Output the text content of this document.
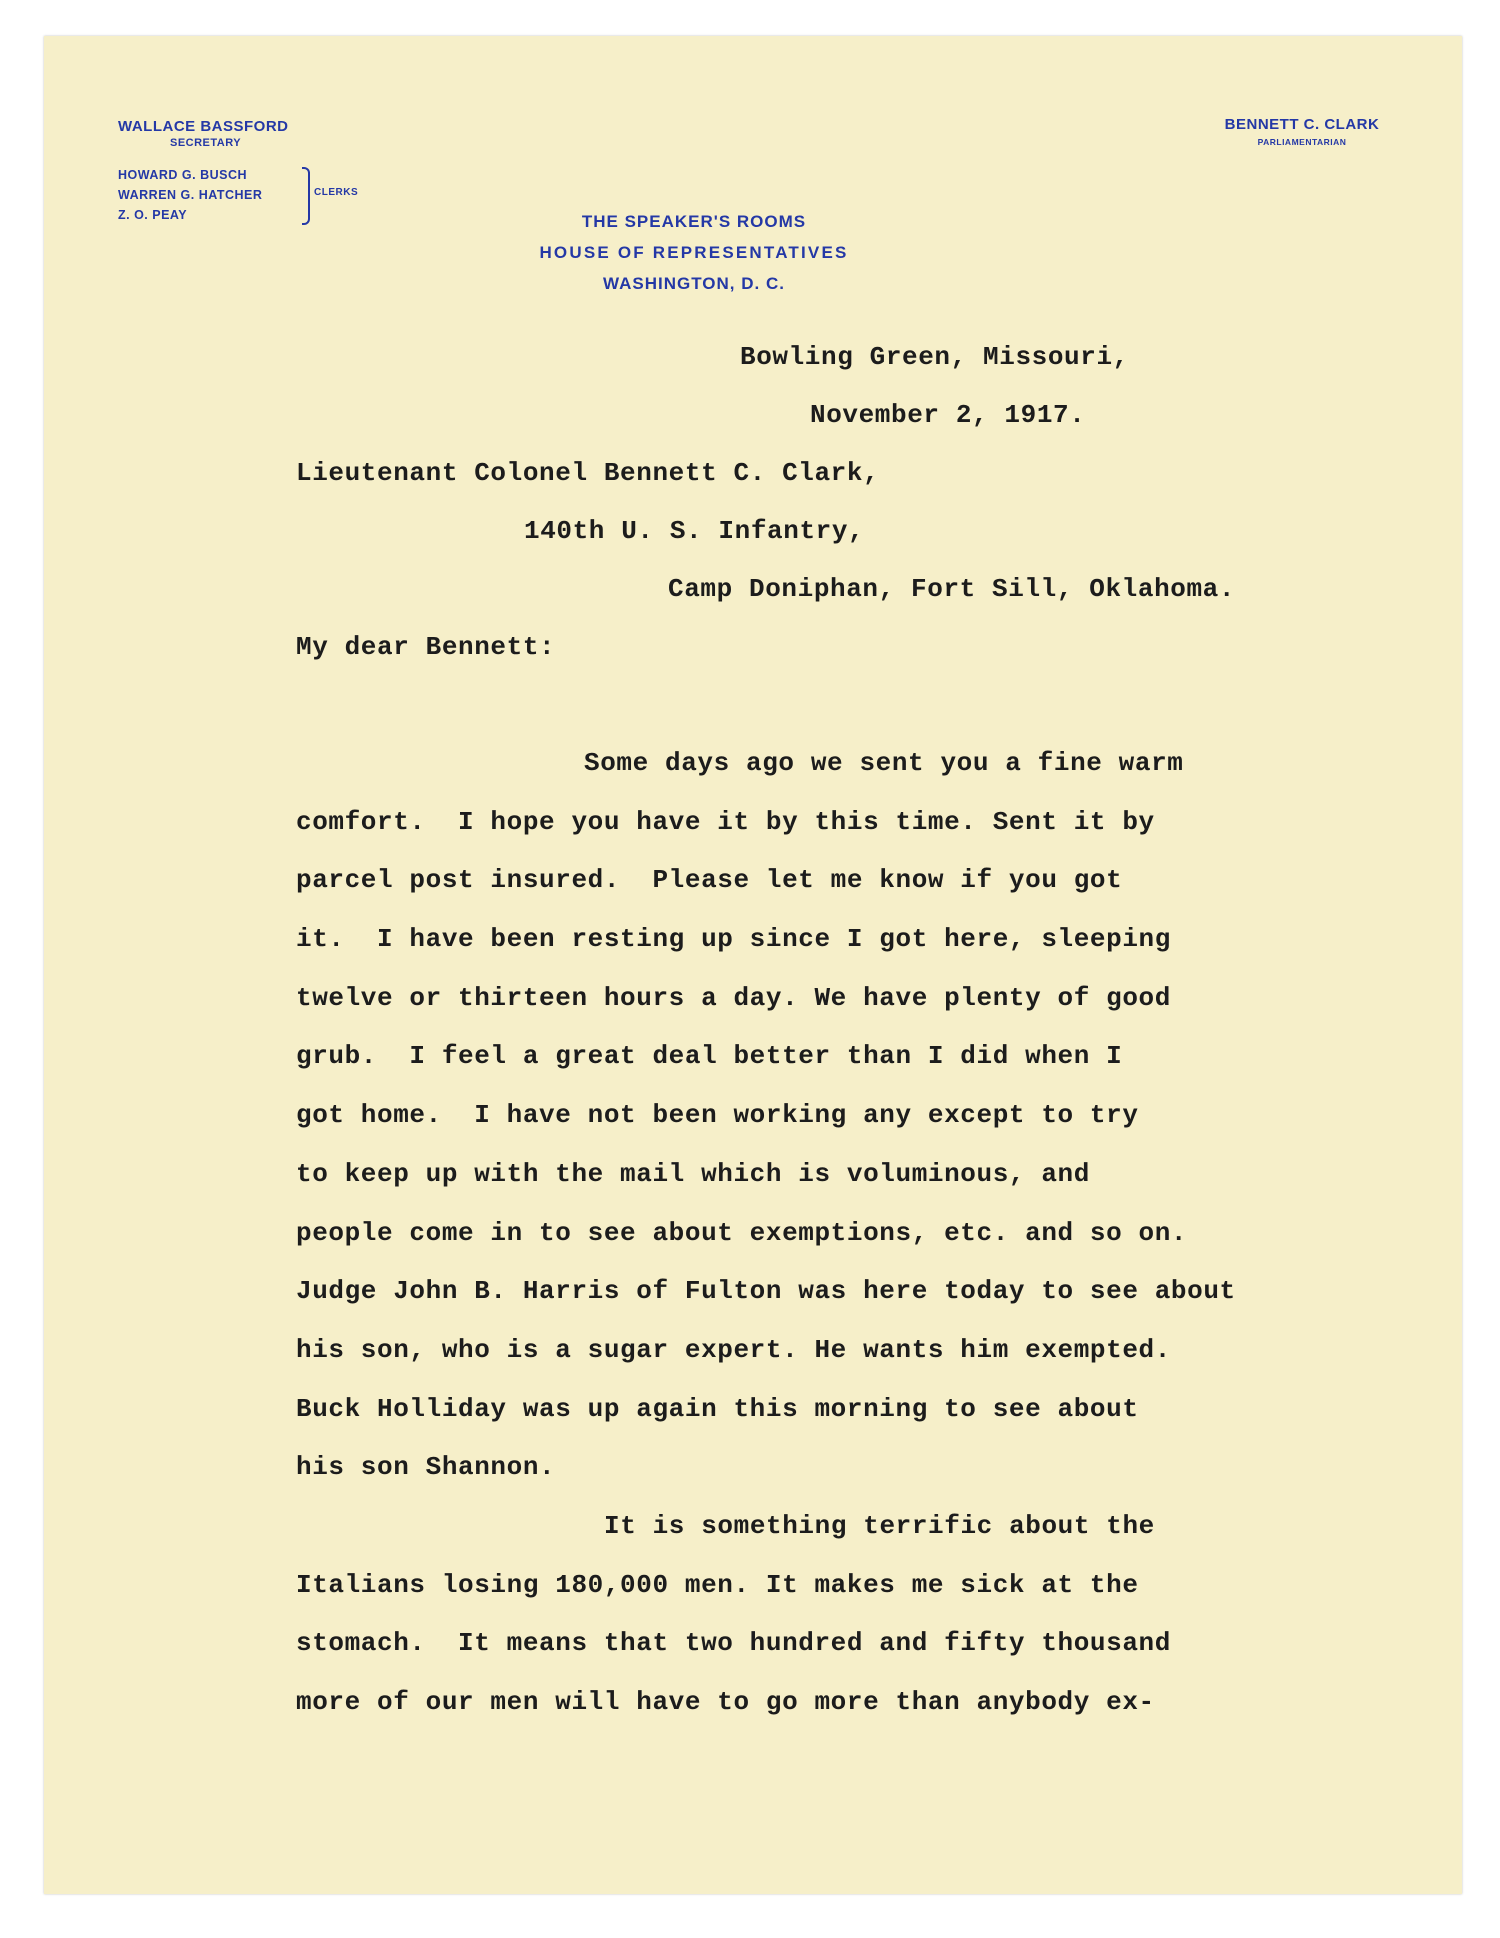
WALLACE BASSFORD
SECRETARY
HOWARD G. BUSCH
WARREN G. HATCHER
Z. O. PEAY
CLERKS
BENNETT C. CLARK
PARLIAMENTARIAN
THE SPEAKER'S ROOMS
HOUSE OF REPRESENTATIVES
WASHINGTON, D. C.
Bowling Green, Missouri,
November 2, 1917.
Lieutenant Colonel Bennett C. Clark,
140th U. S. Infantry,
Camp Doniphan, Fort Sill, Oklahoma.
My dear Bennett:
Some days ago we sent you a fine warm
comfort.  I hope you have it by this time. Sent it by
parcel post insured.  Please let me know if you got
it.  I have been resting up since I got here, sleeping
twelve or thirteen hours a day. We have plenty of good
grub.  I feel a great deal better than I did when I
got home.  I have not been working any except to try
to keep up with the mail which is voluminous, and
people come in to see about exemptions, etc. and so on.
Judge John B. Harris of Fulton was here today to see about
his son, who is a sugar expert. He wants him exempted.
Buck Holliday was up again this morning to see about
his son Shannon.
It is something terrific about the
Italians losing 180,000 men. It makes me sick at the
stomach.  It means that two hundred and fifty thousand
more of our men will have to go more than anybody ex-
